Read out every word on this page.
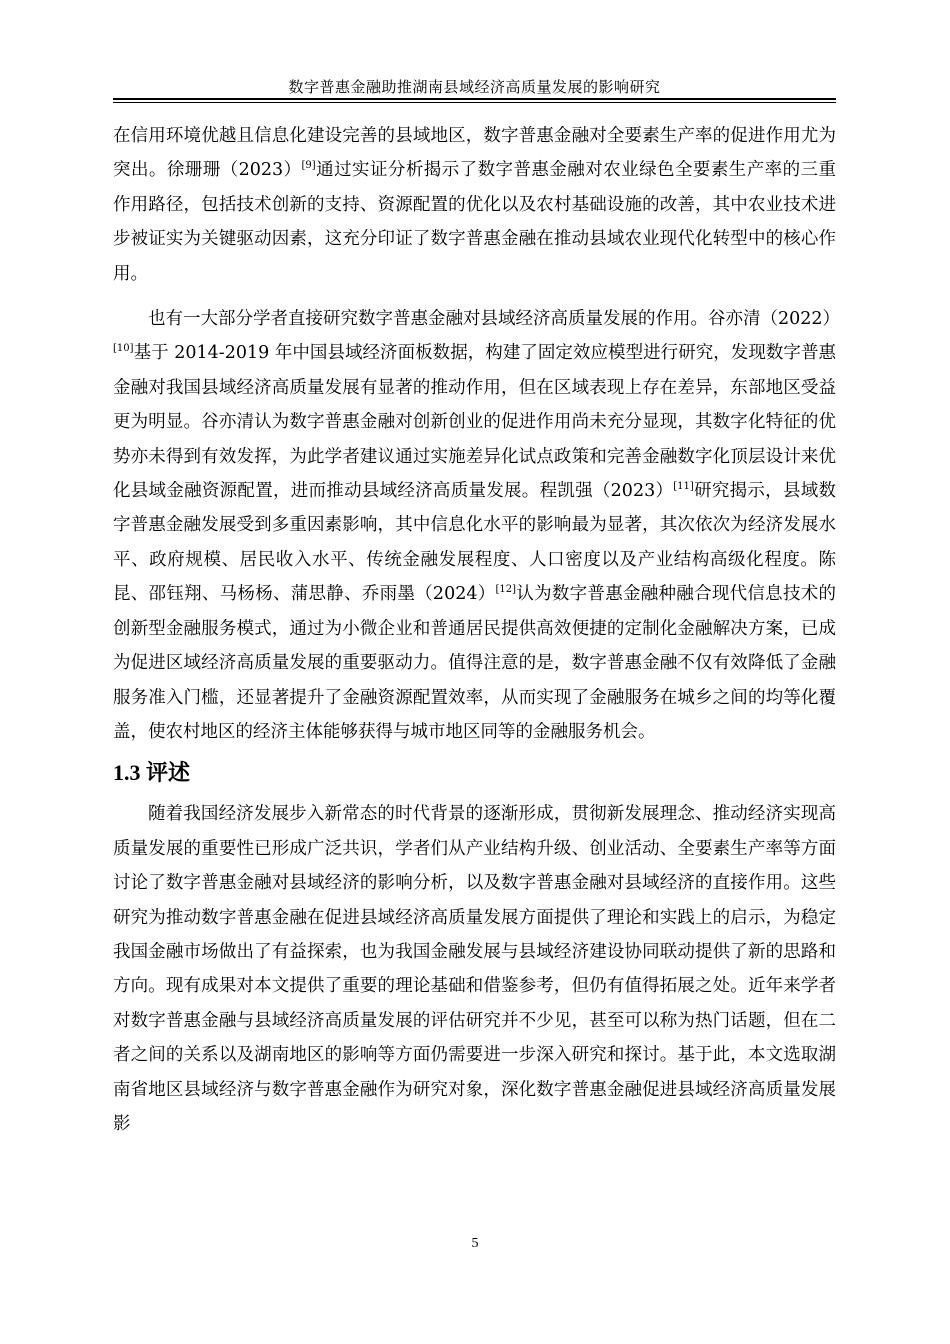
数字普惠金融助推湖南县域经济高质量发展的影响研究

在信用环境优越且信息化建设完善的县域地区，数字普惠金融对全要素生产率的促进作用尤为突出。徐珊珊（2023）[9]通过实证分析揭示了数字普惠金融对农业绿色全要素生产率的三重作用路径，包括技术创新的支持、资源配置的优化以及农村基础设施的改善，其中农业技术进步被证实为关键驱动因素，这充分印证了数字普惠金融在推动县域农业现代化转型中的核心作用。

也有一大部分学者直接研究数字普惠金融对县域经济高质量发展的作用。谷亦清（2022）[10]基于 2014-2019 年中国县域经济面板数据，构建了固定效应模型进行研究，发现数字普惠金融对我国县域经济高质量发展有显著的推动作用，但在区域表现上存在差异，东部地区受益更为明显。谷亦清认为数字普惠金融对创新创业的促进作用尚未充分显现，其数字化特征的优势亦未得到有效发挥，为此学者建议通过实施差异化试点政策和完善金融数字化顶层设计来优化县域金融资源配置，进而推动县域经济高质量发展。程凯强（2023）[11]研究揭示，县域数字普惠金融发展受到多重因素影响，其中信息化水平的影响最为显著，其次依次为经济发展水平、政府规模、居民收入水平、传统金融发展程度、人口密度以及产业结构高级化程度。陈昆、邵钰翔、马杨杨、蒲思静、乔雨墨（2024）[12]认为数字普惠金融种融合现代信息技术的创新型金融服务模式，通过为小微企业和普通居民提供高效便捷的定制化金融解决方案，已成为促进区域经济高质量发展的重要驱动力。值得注意的是，数字普惠金融不仅有效降低了金融服务准入门槛，还显著提升了金融资源配置效率，从而实现了金融服务在城乡之间的均等化覆盖，使农村地区的经济主体能够获得与城市地区同等的金融服务机会。

1.3 评述

随着我国经济发展步入新常态的时代背景的逐渐形成，贯彻新发展理念、推动经济实现高质量发展的重要性已形成广泛共识，学者们从产业结构升级、创业活动、全要素生产率等方面讨论了数字普惠金融对县域经济的影响分析，以及数字普惠金融对县域经济的直接作用。这些研究为推动数字普惠金融在促进县域经济高质量发展方面提供了理论和实践上的启示，为稳定我国金融市场做出了有益探索，也为我国金融发展与县域经济建设协同联动提供了新的思路和方向。现有成果对本文提供了重要的理论基础和借鉴参考，但仍有值得拓展之处。近年来学者对数字普惠金融与县域经济高质量发展的评估研究并不少见，甚至可以称为热门话题，但在二者之间的关系以及湖南地区的影响等方面仍需要进一步深入研究和探讨。基于此，本文选取湖南省地区县域经济与数字普惠金融作为研究对象，深化数字普惠金融促进县域经济高质量发展影

5
